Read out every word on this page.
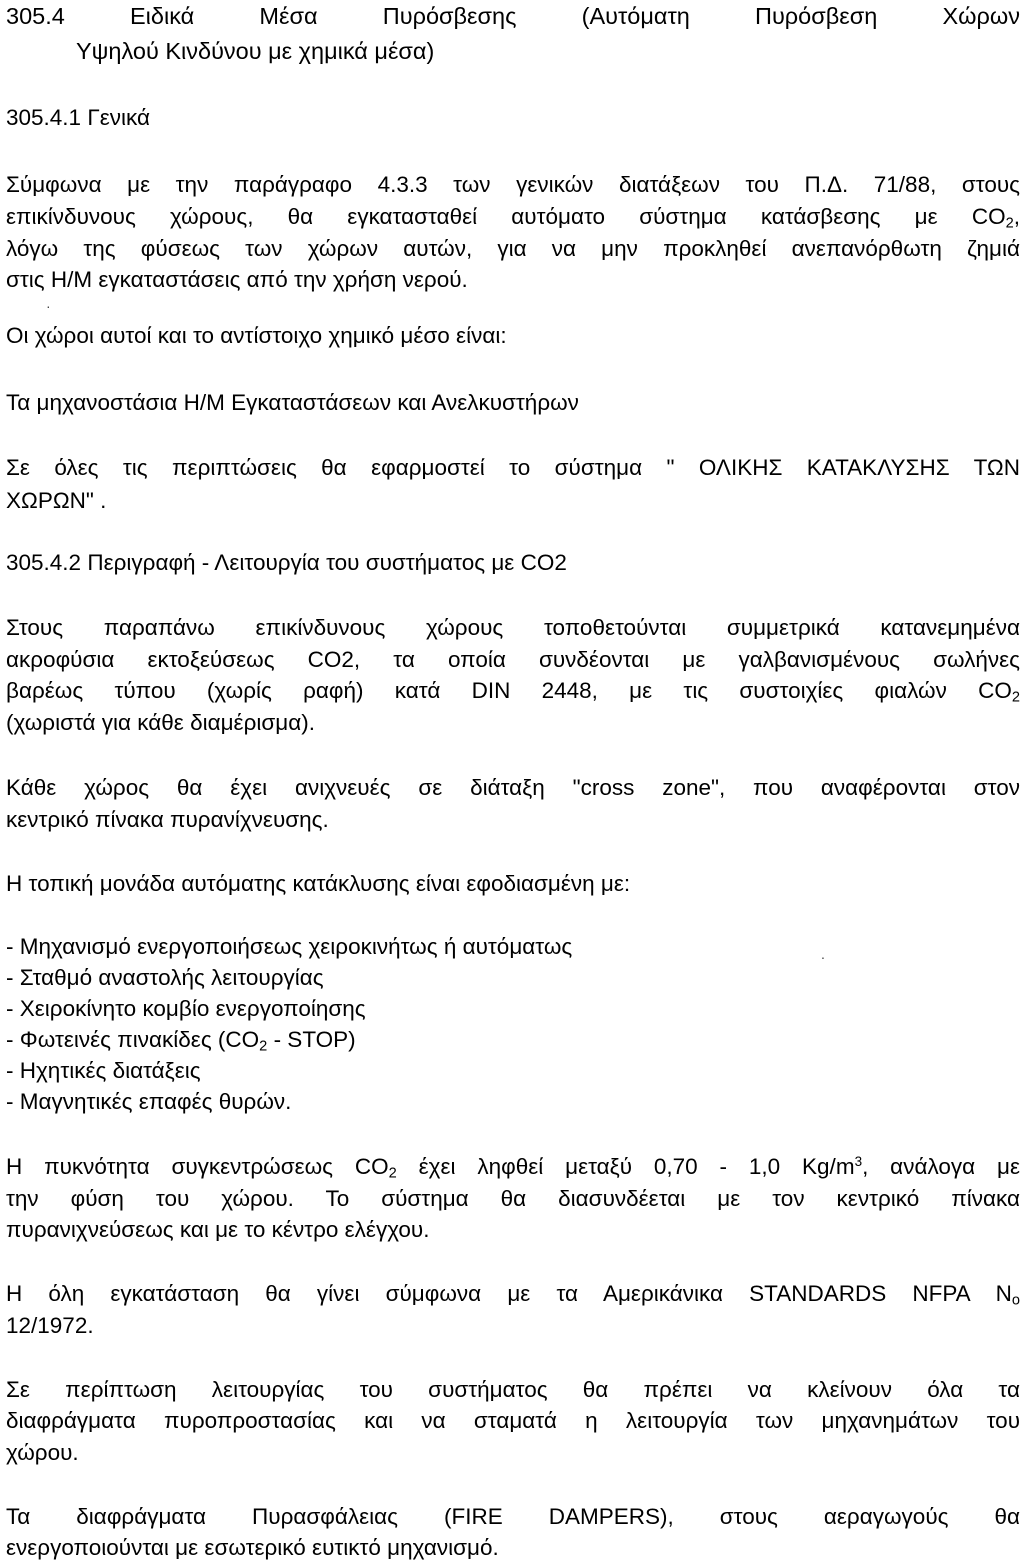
305.4 Ειδικά Μέσα Πυρόσβεσης (Αυτόματη Πυρόσβεση Χώρων
Υψηλού Κινδύνου με χημικά μέσα)
305.4.1 Γενικά
Σύμφωνα με την παράγραφο 4.3.3 των γενικών διατάξεων του Π.Δ. 71/88, στους
επικίνδυνους χώρους, θα εγκατασταθεί αυτόματο σύστημα κατάσβεσης με $CO_2$,
λόγω της φύσεως των χώρων αυτών, για να μην προκληθεί ανεπανόρθωτη ζημιά
στις Η/Μ εγκαταστάσεις από την χρήση νερού.
·
Οι χώροι αυτοί και το αντίστοιχο χημικό μέσο είναι:
Τα μηχανοστάσια Η/Μ Εγκαταστάσεων και Ανελκυστήρων
Σε όλες τις περιπτώσεις θα εφαρμοστεί το σύστημα " ΟΛΙΚΗΣ ΚΑΤΑΚΛΥΣΗΣ ΤΩΝ
ΧΩΡΩΝ" .
305.4.2 Περιγραφή - Λειτουργία του συστήματος με CO2
Στους παραπάνω επικίνδυνους χώρους τοποθετούνται συμμετρικά κατανεμημένα
ακροφύσια εκτοξεύσεως CO2, τα οποία συνδέονται με γαλβανισμένους σωλήνες
βαρέως τύπου (χωρίς ραφή) κατά DIN 2448, με τις συστοιχίες φιαλών $CO_2$
(χωριστά για κάθε διαμέρισμα).
Κάθε χώρος θα έχει ανιχνευές σε διάταξη "cross zone", που αναφέρονται στον
κεντρικό πίνακα πυρανίχνευσης.
Η τοπική μονάδα αυτόματης κατάκλυσης είναι εφοδιασμένη με:
- Μηχανισμό ενεργοποιήσεως χειροκινήτως ή αυτόματως	.
- Σταθμό αναστολής λειτουργίας
- Χειροκίνητο κομβίο ενεργοποίησης
- Φωτεινές πινακίδες ($CO_2$ - STOP)
- Ηχητικές διατάξεις
- Μαγνητικές επαφές θυρών.
Η πυκνότητα συγκεντρώσεως $CO_2$ έχει ληφθεί μεταξύ 0,70 - 1,0 $Kg/m^3$, ανάλογα με
την φύση του χώρου. Το σύστημα θα διασυνδέεται με τον κεντρικό πίνακα
πυρανιχνεύσεως και με το κέντρο ελέγχου.
Η όλη εγκατάσταση θα γίνει σύμφωνα με τα Αμερικάνικα STANDARDS NFPA $N_o$
12/1972.
Σε περίπτωση λειτουργίας του συστήματος θα πρέπει να κλείνουν όλα τα
διαφράγματα πυροπροστασίας και να σταματά η λειτουργία των μηχανημάτων του
χώρου.
Τα διαφράγματα Πυρασφάλειας (FIRE DAMPERS), στους αεραγωγούς θα
ενεργοποιούνται με εσωτερικό ευτικτό μηχανισμό.
